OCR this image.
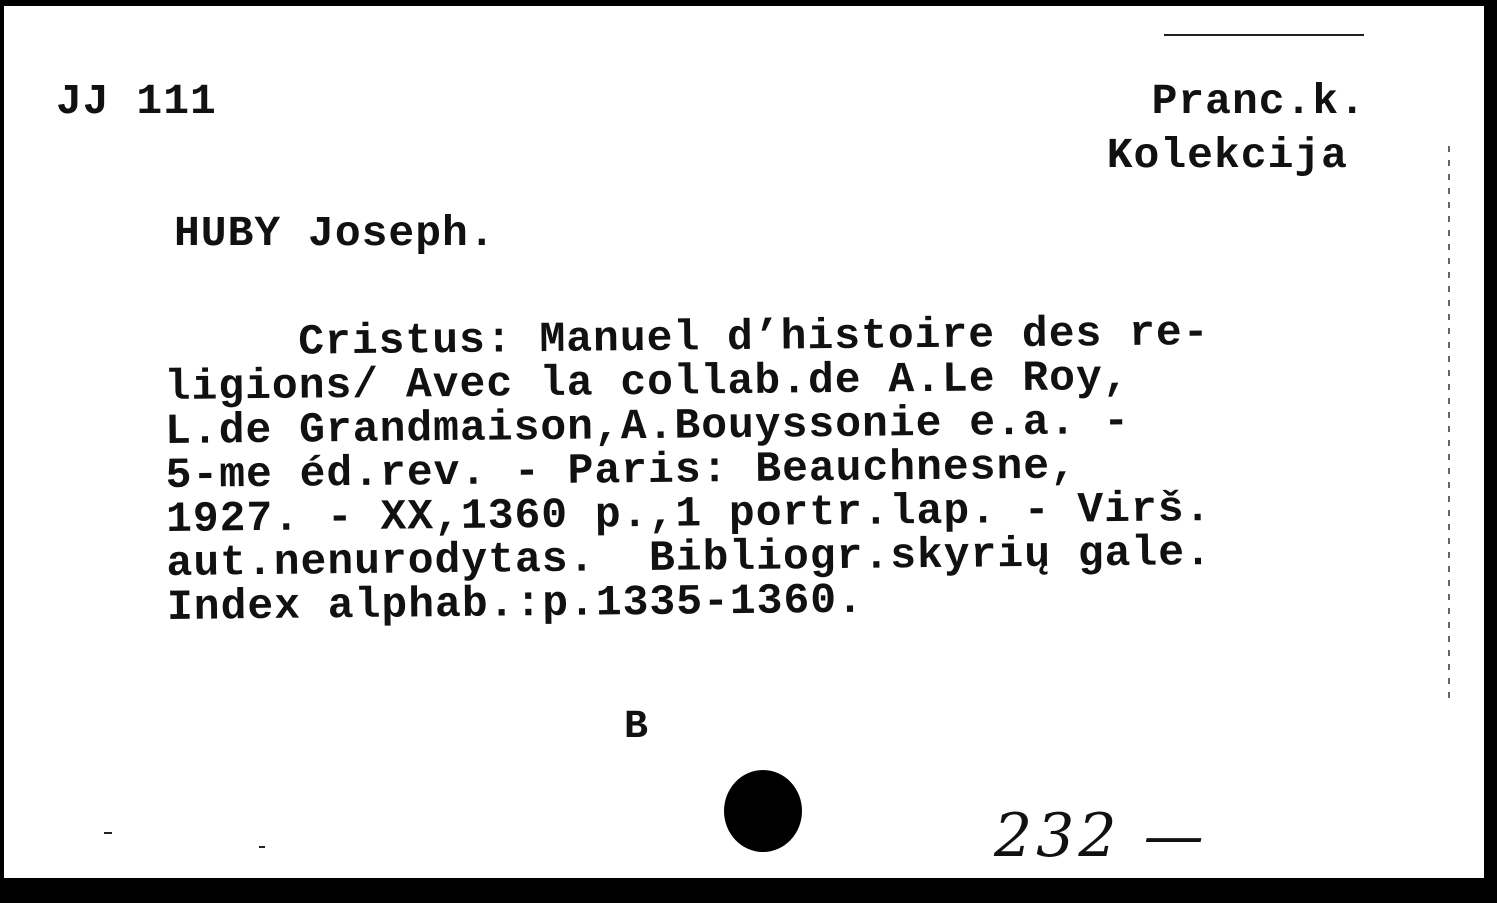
JJ 111	Pranc.k.
Kolekcija
HUBY Joseph.
Cristus: Manuel d’histoire des re-
ligions/ Avec la collab.de A.Le Roy,
L.de Grandmaison,A.Bouyssonie e.a. -
5-me éd.rev. - Paris: Beauchnesne,
1927. - XX,1360 p.,1 portr.lap. - Virš.
aut.nenurodytas.  Bibliogr.skyrių gale.
Index alphab.:p.1335-1360.
B
232 —
